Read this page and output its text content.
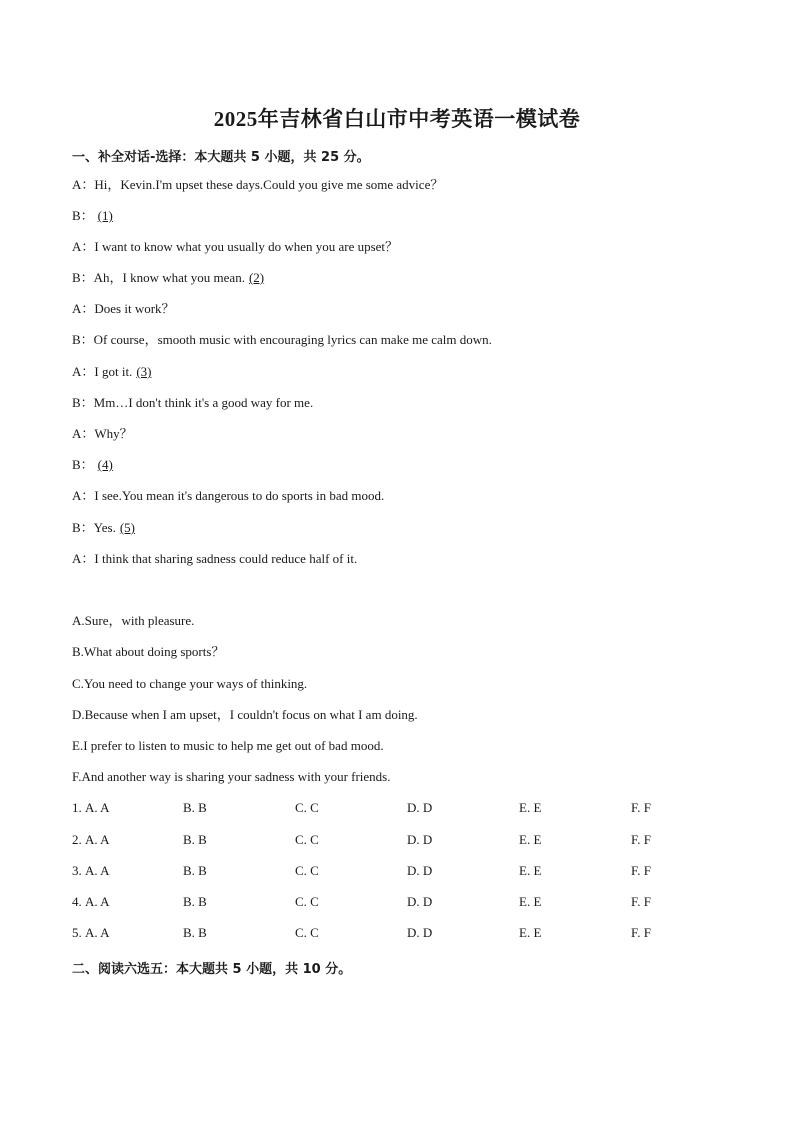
2025年吉林省白山市中考英语一模试卷
一、补全对话-选择：本大题共 5 小题，共 25 分。
A：Hi，Kevin.I'm upset these days.Could you give me some advice？
B： (1)
A：I want to know what you usually do when you are upset？
B：Ah，I know what you mean. (2)
A：Does it work？
B：Of course，smooth music with encouraging lyrics can make me calm down.
A：I got it. (3)
B：Mm…I don't think it's a good way for me.
A：Why？
B： (4)
A：I see.You mean it's dangerous to do sports in bad mood.
B：Yes. (5)
A：I think that sharing sadness could reduce half of it.
A.Sure，with pleasure.
B.What about doing sports？
C.You need to change your ways of thinking.
D.Because when I am upset，I couldn't focus on what I am doing.
E.I prefer to listen to music to help me get out of bad mood.
F.And another way is sharing your sadness with your friends.
1. A. A	B. B	C. C	D. D	E. E	F. F
2. A. A	B. B	C. C	D. D	E. E	F. F
3. A. A	B. B	C. C	D. D	E. E	F. F
4. A. A	B. B	C. C	D. D	E. E	F. F
5. A. A	B. B	C. C	D. D	E. E	F. F
二、阅读六选五：本大题共 5 小题，共 10 分。
